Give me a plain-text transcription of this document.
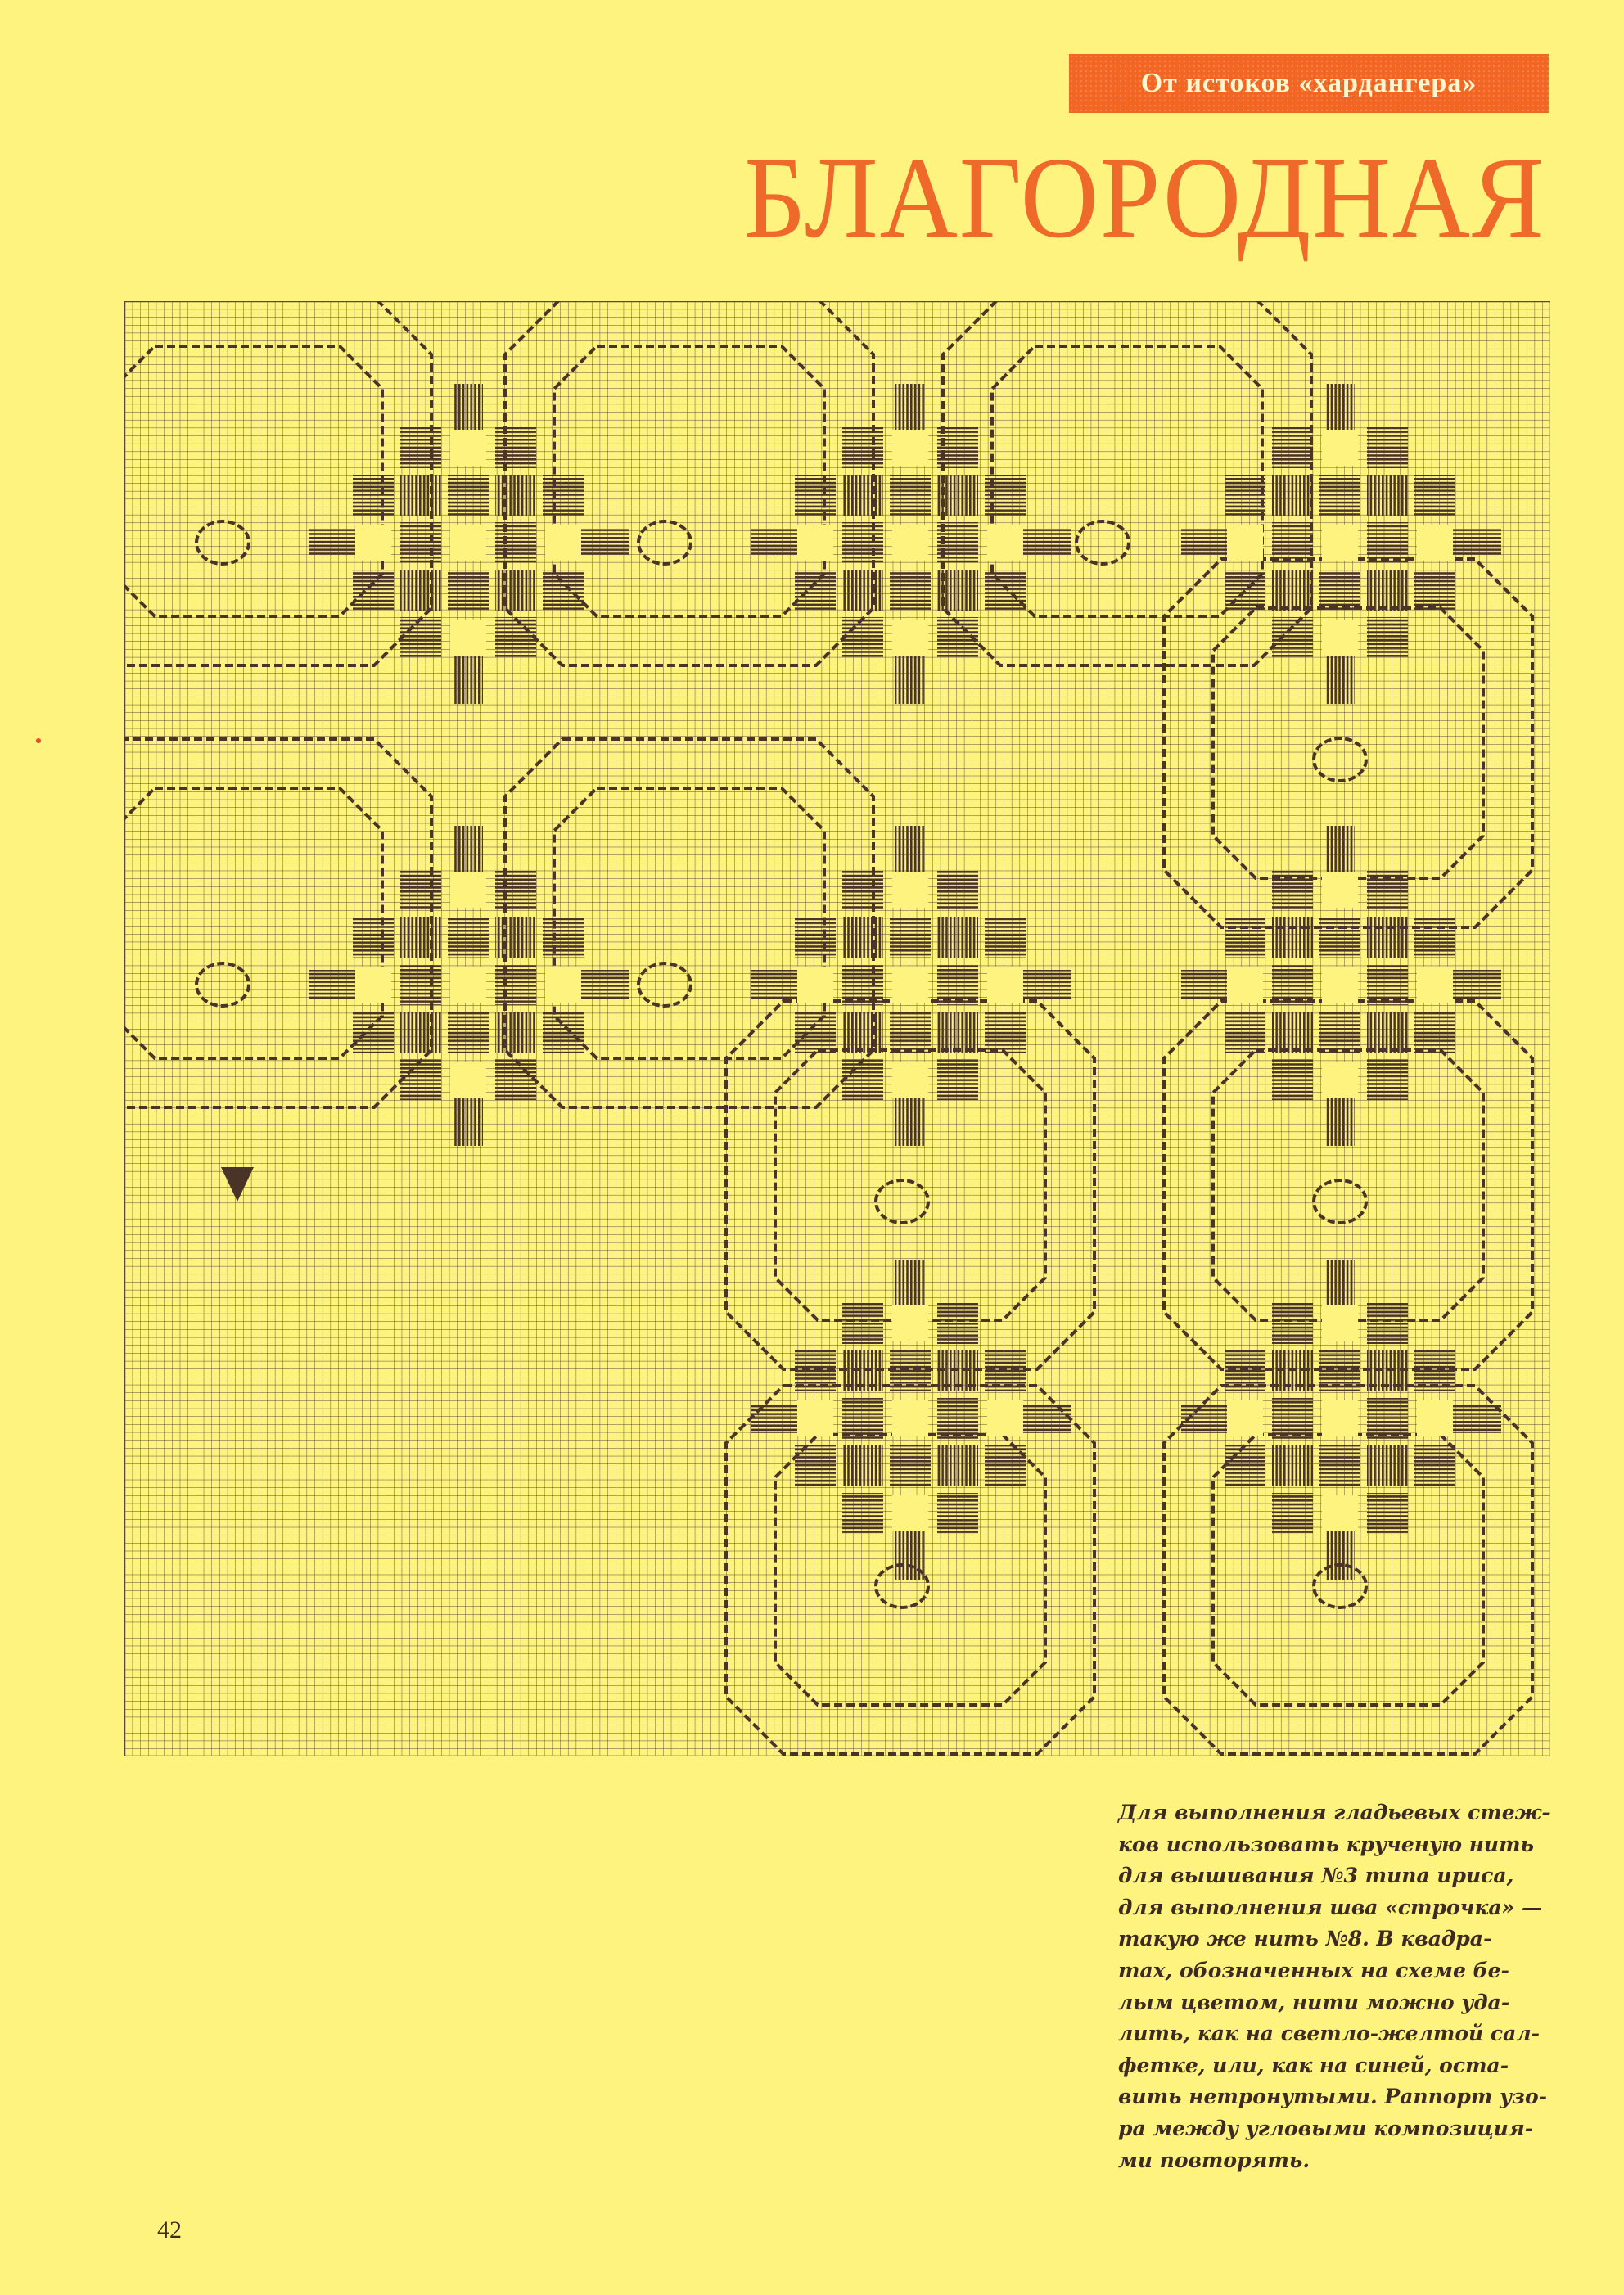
От истоков «хардангера»
БЛАГОРОДНАЯ

Для выполнения гладьевых стеж-
ков использовать крученую нить
для вышивания №3 типа ириса,
для выполнения шва «строчка» —
такую же нить №8. В квадра-
тах, обозначенных на схеме бе-
лым цветом, нити можно уда-
лить, как на светло-желтой сал-
фетке, или, как на синей, оста-
вить нетронутыми. Раппорт узо-
ра между угловыми композиция-
ми повторять.

42
